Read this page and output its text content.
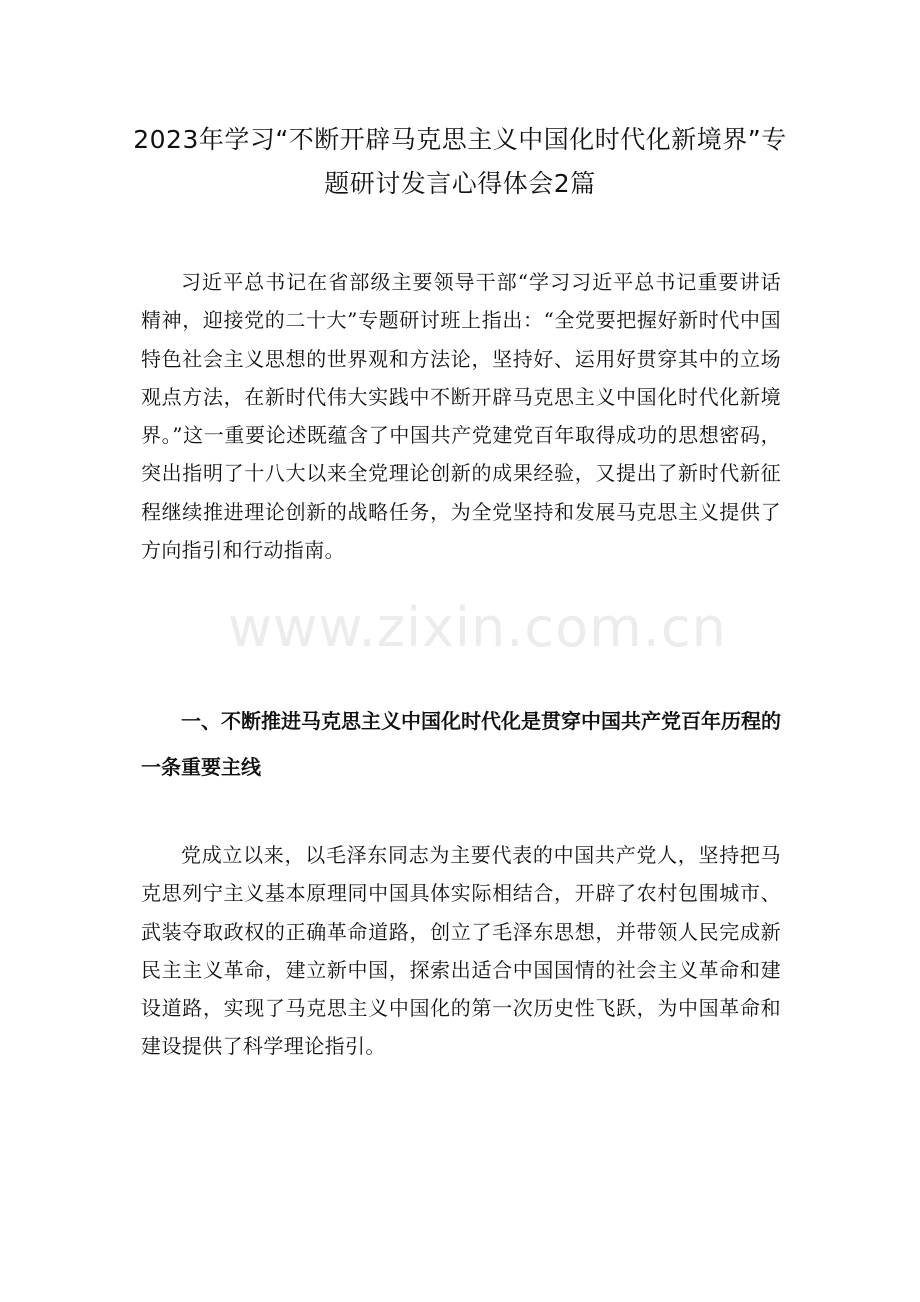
2023年学习“不断开辟马克思主义中国化时代化新境界”专题研讨发言心得体会2篇

习近平总书记在省部级主要领导干部“学习习近平总书记重要讲话精神，迎接党的二十大”专题研讨班上指出：“全党要把握好新时代中国特色社会主义思想的世界观和方法论，坚持好、运用好贯穿其中的立场观点方法，在新时代伟大实践中不断开辟马克思主义中国化时代化新境界。”这一重要论述既蕴含了中国共产党建党百年取得成功的思想密码，突出指明了十八大以来全党理论创新的成果经验，又提出了新时代新征程继续推进理论创新的战略任务，为全党坚持和发展马克思主义提供了方向指引和行动指南。

www.zixin.com.cn

一、不断推进马克思主义中国化时代化是贯穿中国共产党百年历程的一条重要主线

党成立以来，以毛泽东同志为主要代表的中国共产党人，坚持把马克思列宁主义基本原理同中国具体实际相结合，开辟了农村包围城市、武装夺取政权的正确革命道路，创立了毛泽东思想，并带领人民完成新民主主义革命，建立新中国，探索出适合中国国情的社会主义革命和建设道路，实现了马克思主义中国化的第一次历史性飞跃，为中国革命和建设提供了科学理论指引。
